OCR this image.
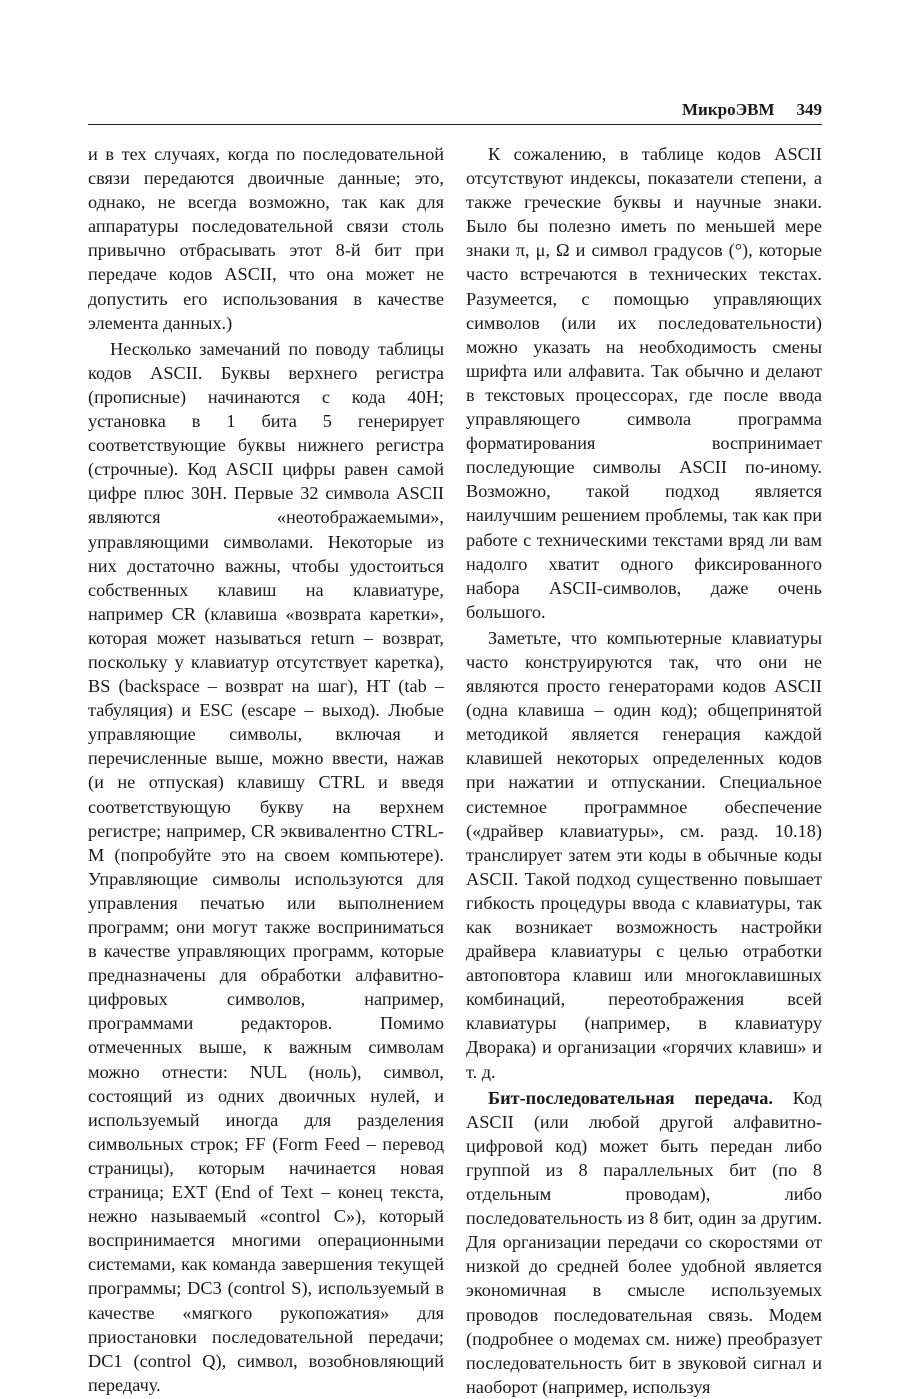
МикроЭВМ 349

и в тех случаях, когда по последовательной связи передаются двоичные данные; это, однако, не всегда возможно, так как для аппаратуры последовательной связи столь привычно отбрасывать этот 8-й бит при передаче кодов ASCII, что она может не допустить его использования в качестве элемента данных.)

Несколько замечаний по поводу таблицы кодов ASCII. Буквы верхнего регистра (прописные) начинаются с кода 40H; установка в 1 бита 5 генерирует соответствующие буквы нижнего регистра (строчные). Код ASCII цифры равен самой цифре плюс 30H. Первые 32 символа ASCII являются «неотображаемыми», управляющими символами. Некоторые из них достаточно важны, чтобы удостоиться собственных клавиш на клавиатуре, например CR (клавиша «возврата каретки», которая может называться return – возврат, поскольку у клавиатур отсутствует каретка), BS (backspace – возврат на шаг), HT (tab – табуляция) и ESC (escape – выход). Любые управляющие символы, включая и перечисленные выше, можно ввести, нажав (и не отпуская) клавишу CTRL и введя соответствующую букву на верхнем регистре; например, CR эквивалентно CTRL-M (попробуйте это на своем компьютере). Управляющие символы используются для управления печатью или выполнением программ; они могут также восприниматься в качестве управляющих программ, которые предназначены для обработки алфавитно-цифровых символов, например, программами редакторов. Помимо отмеченных выше, к важным символам можно отнести: NUL (ноль), символ, состоящий из одних двоичных нулей, и используемый иногда для разделения символьных строк; FF (Form Feed – перевод страницы), которым начинается новая страница; EXT (End of Text – конец текста, нежно называемый «control C»), который воспринимается многими операционными системами, как команда завершения текущей программы; DC3 (control S), используемый в качестве «мягкого рукопожатия» для приостановки последовательной передачи; DC1 (control Q), символ, возобновляющий передачу.

К сожалению, в таблице кодов ASCII отсутствуют индексы, показатели степени, а также греческие буквы и научные знаки. Было бы полезно иметь по меньшей мере знаки π, μ, Ω и символ градусов (°), которые часто встречаются в технических текстах. Разумеется, с помощью управляющих символов (или их последовательности) можно указать на необходимость смены шрифта или алфавита. Так обычно и делают в текстовых процессорах, где после ввода управляющего символа программа форматирования воспринимает последующие символы ASCII по-иному. Возможно, такой подход является наилучшим решением проблемы, так как при работе с техническими текстами вряд ли вам надолго хватит одного фиксированного набора ASCII-символов, даже очень большого.

Заметьте, что компьютерные клавиатуры часто конструируются так, что они не являются просто генераторами кодов ASCII (одна клавиша – один код); общепринятой методикой является генерация каждой клавишей некоторых определенных кодов при нажатии и отпускании. Специальное системное программное обеспечение («драйвер клавиатуры», см. разд. 10.18) транслирует затем эти коды в обычные коды ASCII. Такой подход существенно повышает гибкость процедуры ввода с клавиатуры, так как возникает возможность настройки драйвера клавиатуры с целью отработки автоповтора клавиш или многоклавишных комбинаций, переотображения всей клавиатуры (например, в клавиатуру Дворака) и организации «горячих клавиш» и т. д.

Бит-последовательная передача. Код ASCII (или любой другой алфавитно-цифровой код) может быть передан либо группой из 8 параллельных бит (по 8 отдельным проводам), либо последовательность из 8 бит, один за другим. Для организации передачи со скоростями от низкой до средней более удобной является экономичная в смысле используемых проводов последовательная связь. Модем (подробнее о модемах см. ниже) преобразует последовательность бит в звуковой сигнал и наоборот (например, используя
